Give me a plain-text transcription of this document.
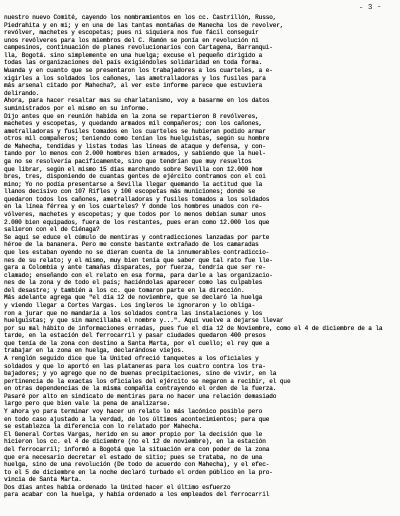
- 3 -
nuestro nuevo Comité, cayendo los nombramientos en los cc. Castrillón, Russo,
Piedrahita y en mi; y en una de las tantas montañas de Manecha los de revolver,
revólver, machetes y escopetas; pues ni siquiera nos fue fácil conseguir
unos revólveres para los miembros del C. Ramón se ponía en revolución ni
campesinos, continuación de planes revolucionarios con Cartagena, Barranqui-
lla, Bogotá. sino simplemente en una huelga; excuse el pequeño dirigido a
todas las organizaciones del país exigiéndoles solidaridad en toda forma.
Wuanda y en cuanto que se presentaron los trabajadores a los cuarteles, a e-
xigirles a los soldados los cañones, las ametralladoras y los fusiles para
más arsenal citado por Mahecha?, al ver este informe parece que estuviera
delirando.
Ahora, para hacer resaltar mas su charlatanismo, voy a basarme en los datos
suministrados por el mismo en su informe.
Dijo antes que en reunión habida en la zona se repartieron 8 revólveres,
machetes y escopetas, y quedando armados mil compañeros; con los cañones,
ametralladoras y fusiles tomados en los cuarteles se hubieran podido armar
otros mil compañeros; teniendo como tenían los huelguistas, según su hombre
de Mahecha, tendidas y listas todas las líneas de ataque y defensa, y con-
tando por lo menos con 2.000 hombres bien armados, y sabiendo que la huel-
ga no se resolvería pacíficamente, sino que tendrían que muy resueltos
que librar, según el mismo 15 días marchando sobre Sevilla con 12.000 hom
bres, tres, disponiendo de cuantas gentes de ejército contramos con el coi
mino; Yo no podía presentarse a Sevilla llegar quemando la actitud que la
llanos decisivo con 107 Rifles y 100 escopetas más municiones; donde se
quedaron todos los cañones, ametralladoras y fusiles tomados a los soldados
en la línea férrea y en los cuarteles? Y donde los hombres unados con re-
vólveres, machetes y escopetas; y que todos por lo menos debían sumar unos
2.000 bien equipados, fuera de los restantes, pues eran como 12.000 los que
salieron con el de Ciénaga?
Se aquí se educe el cúmulo de mentiras y contradicciones lanzadas por parte
héroe de la bananera. Pero me conste bastante extrañado de los camaradas
que les estaban oyendo no se dieran cuenta de la innumerables contradiccio-
nes de su relato; y el mismo, muy bien tenía que saber que tal rato fue lle-
gara a Colombia y ante tamañas disparates, por fuerza, tendría que ser re-
clamado; enseñando con el relato en esa forma, para darle a las organizacio-
nes de la zona y de todo el país; haciéndolas aparecer como las culpables
del desastre; y también a los cc. que tomaron parte en la dirección.
Más adelante agrega que "el día 12 de noviembre, que se declaró la huelga
y viendo llegar a Cortes Vargas. Los ingleros le ignoraron y lo obliga-
ron a jurar que no mandaría a los soldados contra las instalaciones y los
huelguistas; y que sin mancillaba el nombre y...". Aquí vuelve a dejarse llevar
por su mal hábito de informaciones erradas, pues fue el día 12 de Noviembre, como el 4 de diciembre de a la
tarde, en la estación del ferrocarril y pasar ciudades quedaron 400 presos
que tenía de la zona con destino a Santa Marta, por el cuello; el rey que a
trabajar en la zona en huelga, declarándose viejos.
A renglón seguido dice que la United ofreció tanquetes a los oficiales y
soldados y que lo aportó en las plataneras para los cuatro contra los tra-
bajadores; y yo agrego que no de buenas precipitaciones, sino de vivir, en la
pertinencia de la exactas los oficiales del ejército se negaron a recibir, el que
en otras dependencias de la misma compañía contrayendo el orden de la fuerza.
Pasaré por alto en sindicato de mentiras para no hacer una relación demasiado
largo pero que bien vale la pena de analizarse.
Y ahora yo para terminar voy hacer un relato lo más lacónico posible pero
en todo caso ajustado a la verdad, de los últimos acontecimientos; para que
se establezca la diferencia con lo relatado por Mahecha.
El General Cortes Vargas, herido en su amor propio por la decisión que le
hicieron los cc. el 4 de diciembre (no el 12 de noviembre), en la estación
del ferrocarril; informó a Bogotá que la situación era con poder de la zona
que era necesario decretar el estado de sitio; pues se trataba, no de una
huelga, sino de una revolución (De todo de acuerdo con Mahecha), y el efec-
to el 5 de diciembre en la noche declaró turbado el orden público en la pro-
vincia de Santa Marta.
Dos días antes había ordenado la United hacer el último esfuerzo
para acabar con la huelga, y había ordenado a los empleados del ferrocarril
